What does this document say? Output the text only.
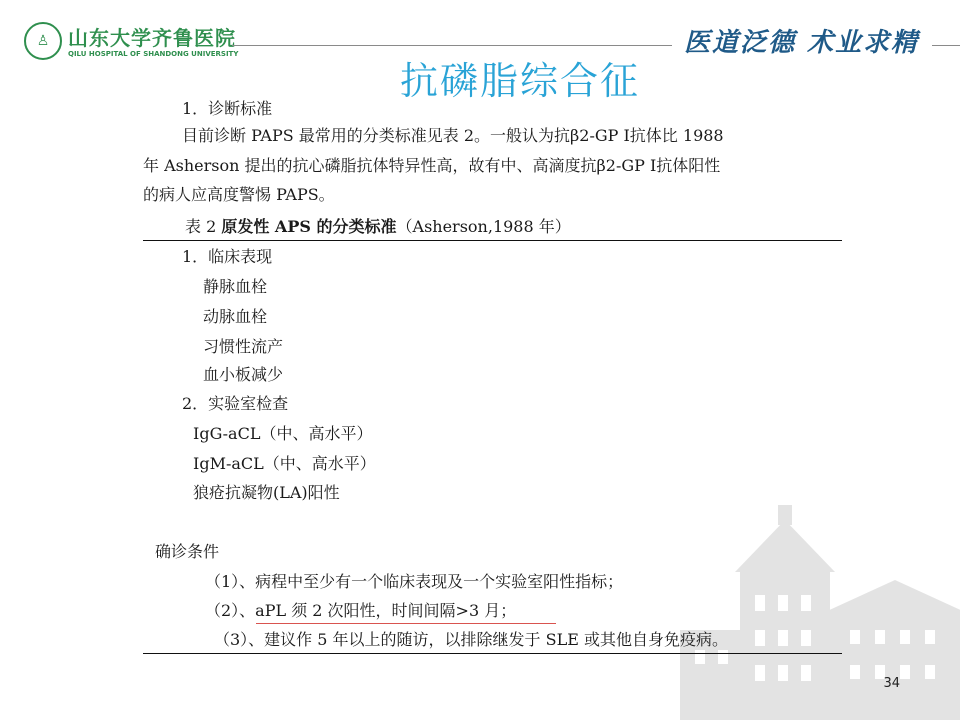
♙ 山东大学齐鲁医院
QILU HOSPITAL OF SHANDONG UNIVERSITY	医道泛德 术业求精
抗磷脂综合征
1．诊断标准
目前诊断 PAPS 最常用的分类标准见表 2。一般认为抗β2-GP Ⅰ抗体比 1988
年 Asherson 提出的抗心磷脂抗体特异性高，故有中、高滴度抗β2-GP Ⅰ抗体阳性
的病人应高度警惕 PAPS。
表 2 原发性 APS 的分类标准（Asherson,1988 年）
1．临床表现
静脉血栓
动脉血栓
习惯性流产
血小板减少
2．实验室检查
IgG-aCL（中、高水平）
IgM-aCL（中、高水平）
狼疮抗凝物(LA)阳性
确诊条件
（1）、病程中至少有一个临床表现及一个实验室阳性指标；
（2）、aPL 须 2 次阳性，时间间隔>3 月；
（3）、建议作 5 年以上的随访，以排除继发于 SLE 或其他自身免疫病。
34
